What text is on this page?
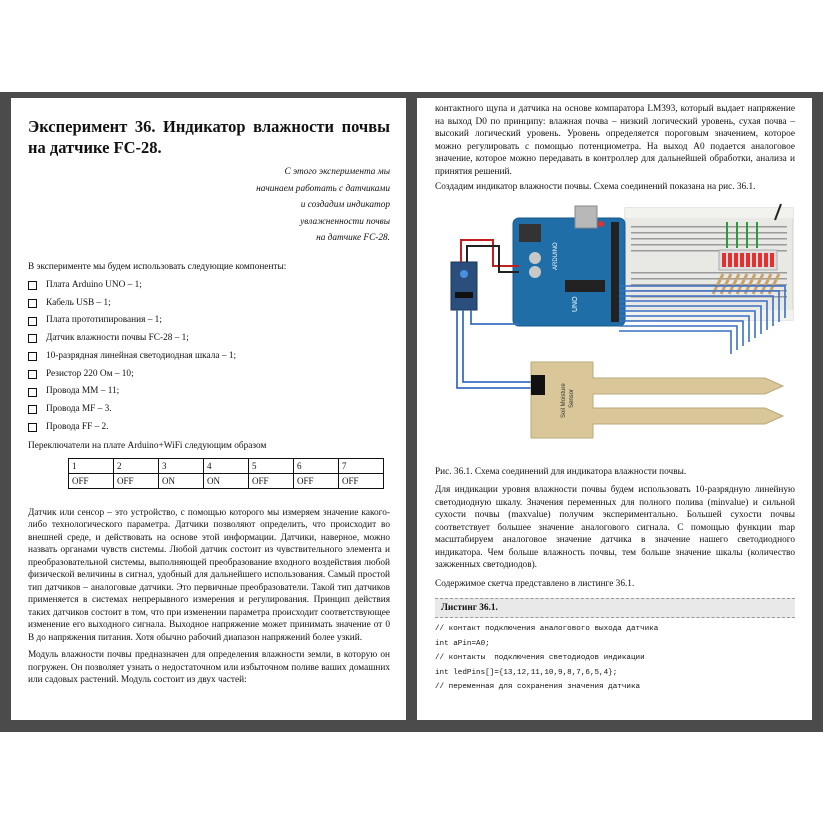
Эксперимент 36. Индикатор влажности почвы на датчике FC-28.
С этого эксперимента мы
начинаем работать с датчиками
и создадим индикатор
увлажненности почвы
на датчике FC-28.

В эксперименте мы будем использовать следующие компоненты:

Плата Arduino UNO – 1;
Кабель USB – 1;
Плата прототипирования – 1;
Датчик влажности почвы FC-28 – 1;
10-разрядная линейная светодиодная шкала – 1;
Резистор 220 Ом – 10;
Провода MM – 11;
Провода MF – 3.
Провода FF – 2.

Переключатели на плате Arduino+WiFi следующим образом

1	2	3	4	5	6	7
OFF	OFF	ON	ON	OFF	OFF	OFF

Датчик или сенсор – это устройство, с помощью которого мы измеряем значение какого-либо технологического параметра. Датчики позволяют определить, что происходит во внешней среде, и действовать на основе этой информации. Датчики, наверное, можно назвать органами чувств системы. Любой датчик состоит из чувствительного элемента и преобразовательной системы, выполняющей преобразование входного воздействия любой физической величины в сигнал, удобный для дальнейшего использования. Самый простой тип датчиков – аналоговые датчики. Это первичные преобразователи. Такой тип датчиков применяется в системах непрерывного измерения и регулирования. Принцип действия таких датчиков состоит в том, что при изменении параметра происходит соответствующее изменение его выходного сигнала. Выходное напряжение может принимать значение от 0 В до напряжения питания. Хотя обычно рабочий диапазон напряжений более узкий.

Модуль влажности почвы предназначен для определения влажности земли, в которую он погружен. Он позволяет узнать о недостаточном или избыточном поливе ваших домашних или садовых растений. Модуль состоит из двух частей:

контактного щупа и датчика на основе компаратора LM393, который выдает напряжение на выход D0 по принципу: влажная почва – низкий логический уровень, сухая почва – высокий логический уровень. Уровень определяется пороговым значением, которое можно регулировать с помощью потенциометра. На выход A0 подается аналоговое значение, которое можно передавать в контроллер для дальнейшей обработки, анализа и принятия решений.

Создадим индикатор влажности почвы. Схема соединений показана на рис. 36.1.

UNO
ARDUINO
Soil Moisture Sensor

Рис. 36.1. Схема соединений для индикатора влажности почвы.

Для индикации уровня влажности почвы будем использовать 10-разрядную линейную светодиодную шкалу. Значения переменных для полного полива (minvalue) и сильной сухости почвы (maxvalue) получим экспериментально. Большей сухости почвы соответствует большее значение аналогового сигнала. С помощью функции map масштабируем аналоговое значение датчика в значение нашего светодиодного индикатора. Чем больше влажность почвы, тем больше значение шкалы (количество зажженных светодиодов).

Содержимое скетча представлено в листинге 36.1.

Листинг 36.1.
// контакт подключения аналогового выхода датчика
int aPin=A0;
// контакты  подключения светодиодов индикации
int ledPins[]={13,12,11,10,9,8,7,6,5,4};
// переменная для сохранения значения датчика
